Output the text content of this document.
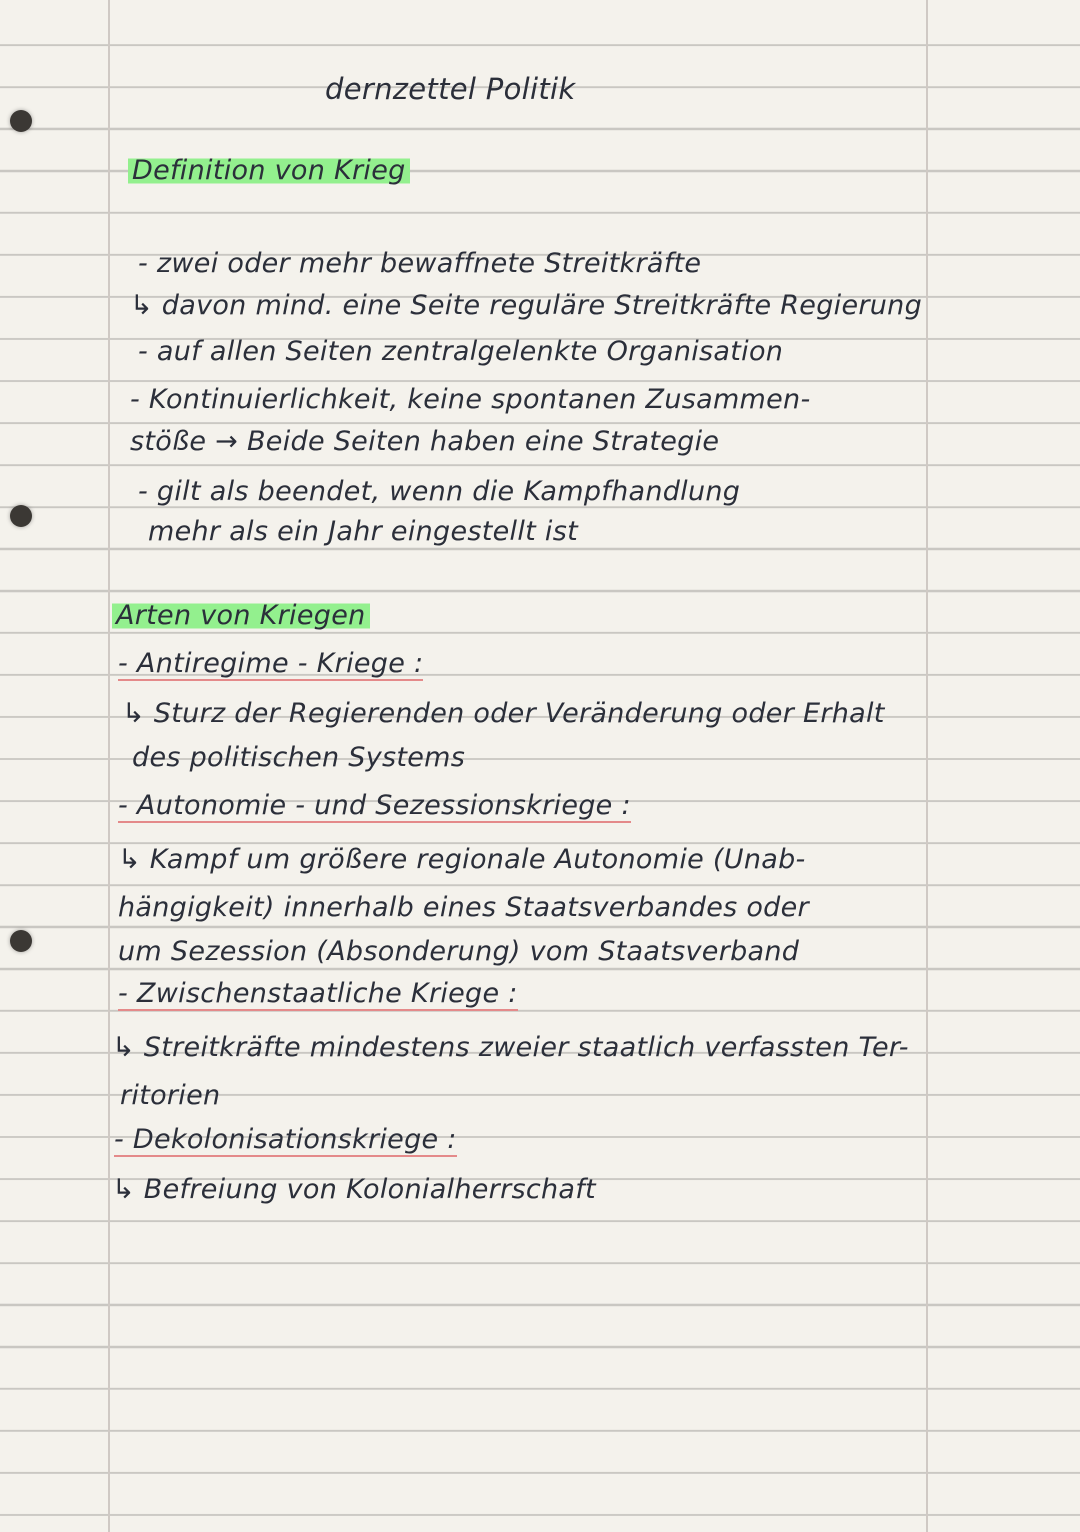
dernzettel Politik

Definition von Krieg

- zwei oder mehr bewaffnete Streitkräfte

↳ davon mind. eine Seite reguläre Streitkräfte Regierung

- auf allen Seiten zentralgelenkte Organisation

- Kontinuierlichkeit, keine spontanen Zusammen-

stöße → Beide Seiten haben eine Strategie

- gilt als beendet, wenn die Kampfhandlung

mehr als ein Jahr eingestellt ist

Arten von Kriegen

- Antiregime - Kriege :

↳ Sturz der Regierenden oder Veränderung oder Erhalt

des politischen Systems

- Autonomie - und Sezessionskriege :

↳ Kampf um größere regionale Autonomie (Unab-

hängigkeit) innerhalb eines Staatsverbandes oder

um Sezession (Absonderung) vom Staatsverband

- Zwischenstaatliche Kriege :

↳ Streitkräfte mindestens zweier staatlich verfassten Ter-

ritorien

- Dekolonisationskriege :

↳ Befreiung von Kolonialherrschaft
